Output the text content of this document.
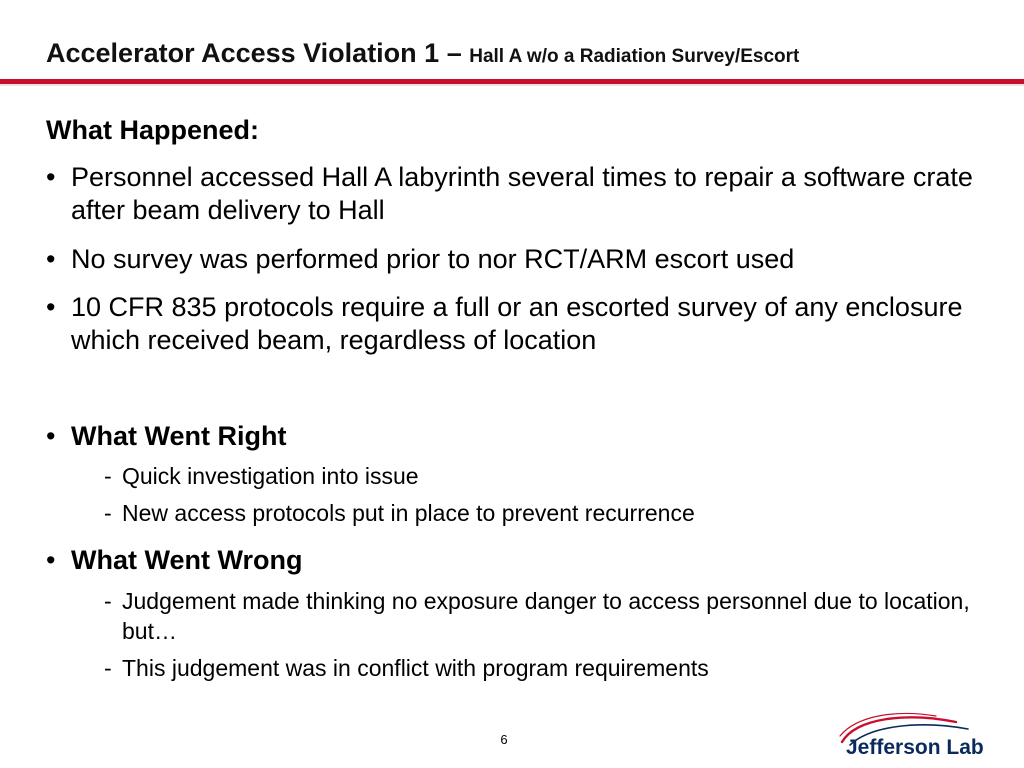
Accelerator Access Violation 1 – Hall A w/o a Radiation Survey/Escort
What Happened:
• Personnel accessed Hall A labyrinth several times to repair a software crate after beam delivery to Hall
• No survey was performed prior to nor RCT/ARM escort used
• 10 CFR 835 protocols require a full or an escorted survey of any enclosure which received beam, regardless of location
• What Went Right
- Quick investigation into issue
- New access protocols put in place to prevent recurrence
• What Went Wrong
- Judgement made thinking no exposure danger to access personnel due to location, but…
- This judgement was in conflict with program requirements
6	Jefferson Lab
